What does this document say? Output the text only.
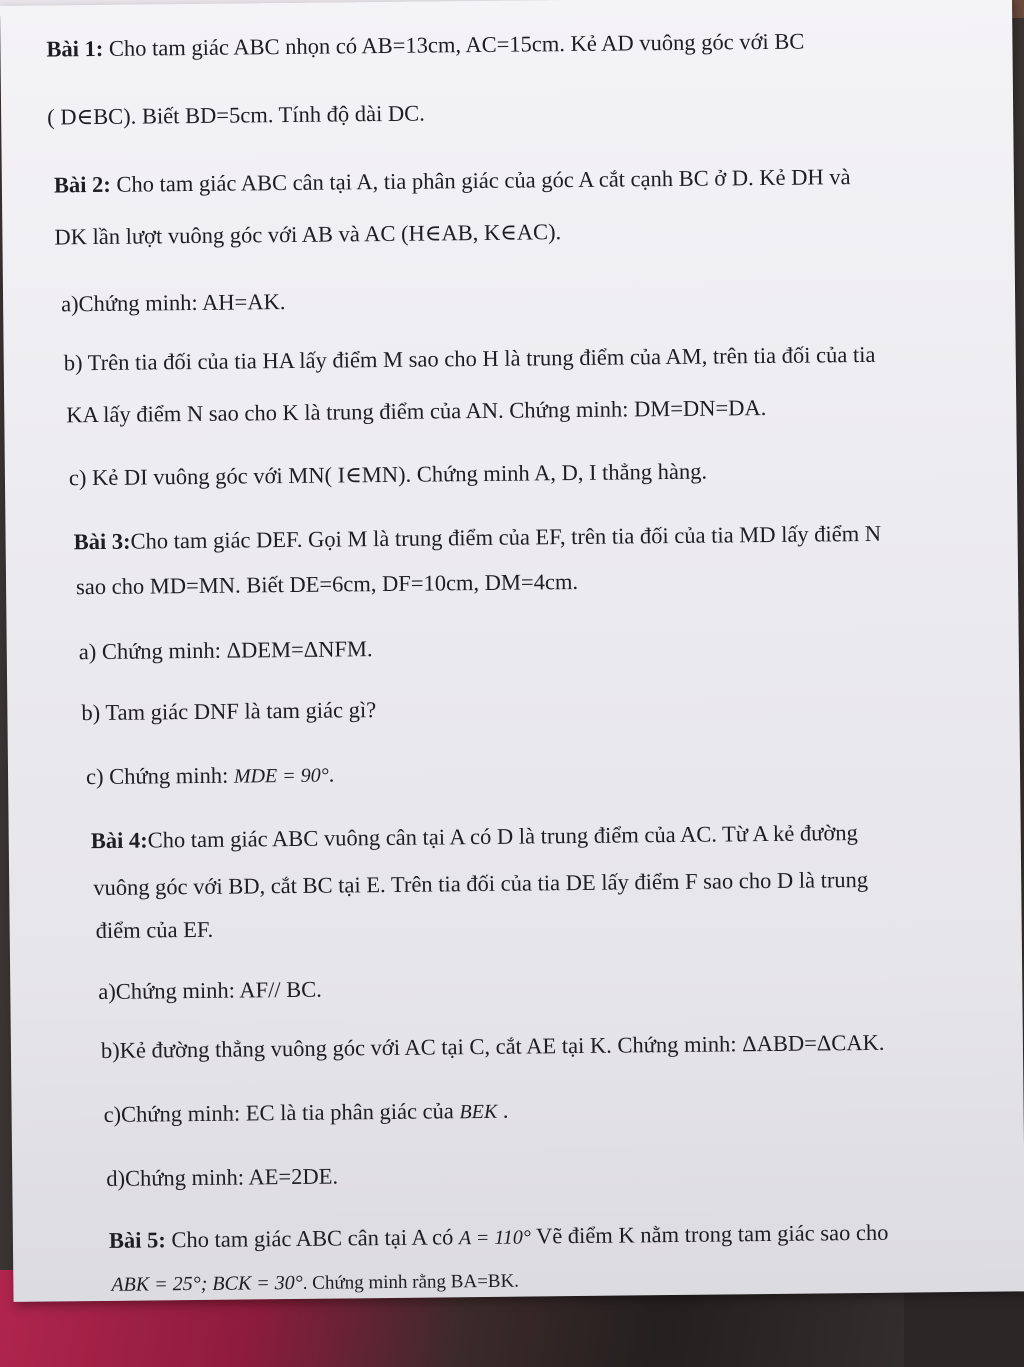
Bài 1: Cho tam giác ABC nhọn có AB=13cm, AC=15cm. Kẻ AD vuông góc với BC
( D∈BC). Biết BD=5cm. Tính độ dài DC.
Bài 2: Cho tam giác ABC cân tại A, tia phân giác của góc A cắt cạnh BC ở D. Kẻ DH và
DK lần lượt vuông góc với AB và AC (H∈AB, K∈AC).
a)Chứng minh: AH=AK.
b) Trên tia đối của tia HA lấy điểm M sao cho H là trung điểm của AM, trên tia đối của tia
KA lấy điểm N sao cho K là trung điểm của AN. Chứng minh: DM=DN=DA.
c) Kẻ DI vuông góc với MN( I∈MN). Chứng minh A, D, I thẳng hàng.
Bài 3:Cho tam giác DEF. Gọi M là trung điểm của EF, trên tia đối của tia MD lấy điểm N
sao cho MD=MN. Biết DE=6cm, DF=10cm, DM=4cm.
a) Chứng minh: ΔDEM=ΔNFM.
b) Tam giác DNF là tam giác gì?
c) Chứng minh: MDE = 90°.
Bài 4:Cho tam giác ABC vuông cân tại A có D là trung điểm của AC. Từ A kẻ đường
vuông góc với BD, cắt BC tại E. Trên tia đối của tia DE lấy điểm F sao cho D là trung
điểm của EF.
a)Chứng minh: AF// BC.
b)Kẻ đường thẳng vuông góc với AC tại C, cắt AE tại K. Chứng minh: ΔABD=ΔCAK.
c)Chứng minh: EC là tia phân giác của BEK .
d)Chứng minh: AE=2DE.
Bài 5: Cho tam giác ABC cân tại A có A = 110° Vẽ điểm K nằm trong tam giác sao cho
ABK = 25°; BCK = 30°. Chứng minh rằng BA=BK.
